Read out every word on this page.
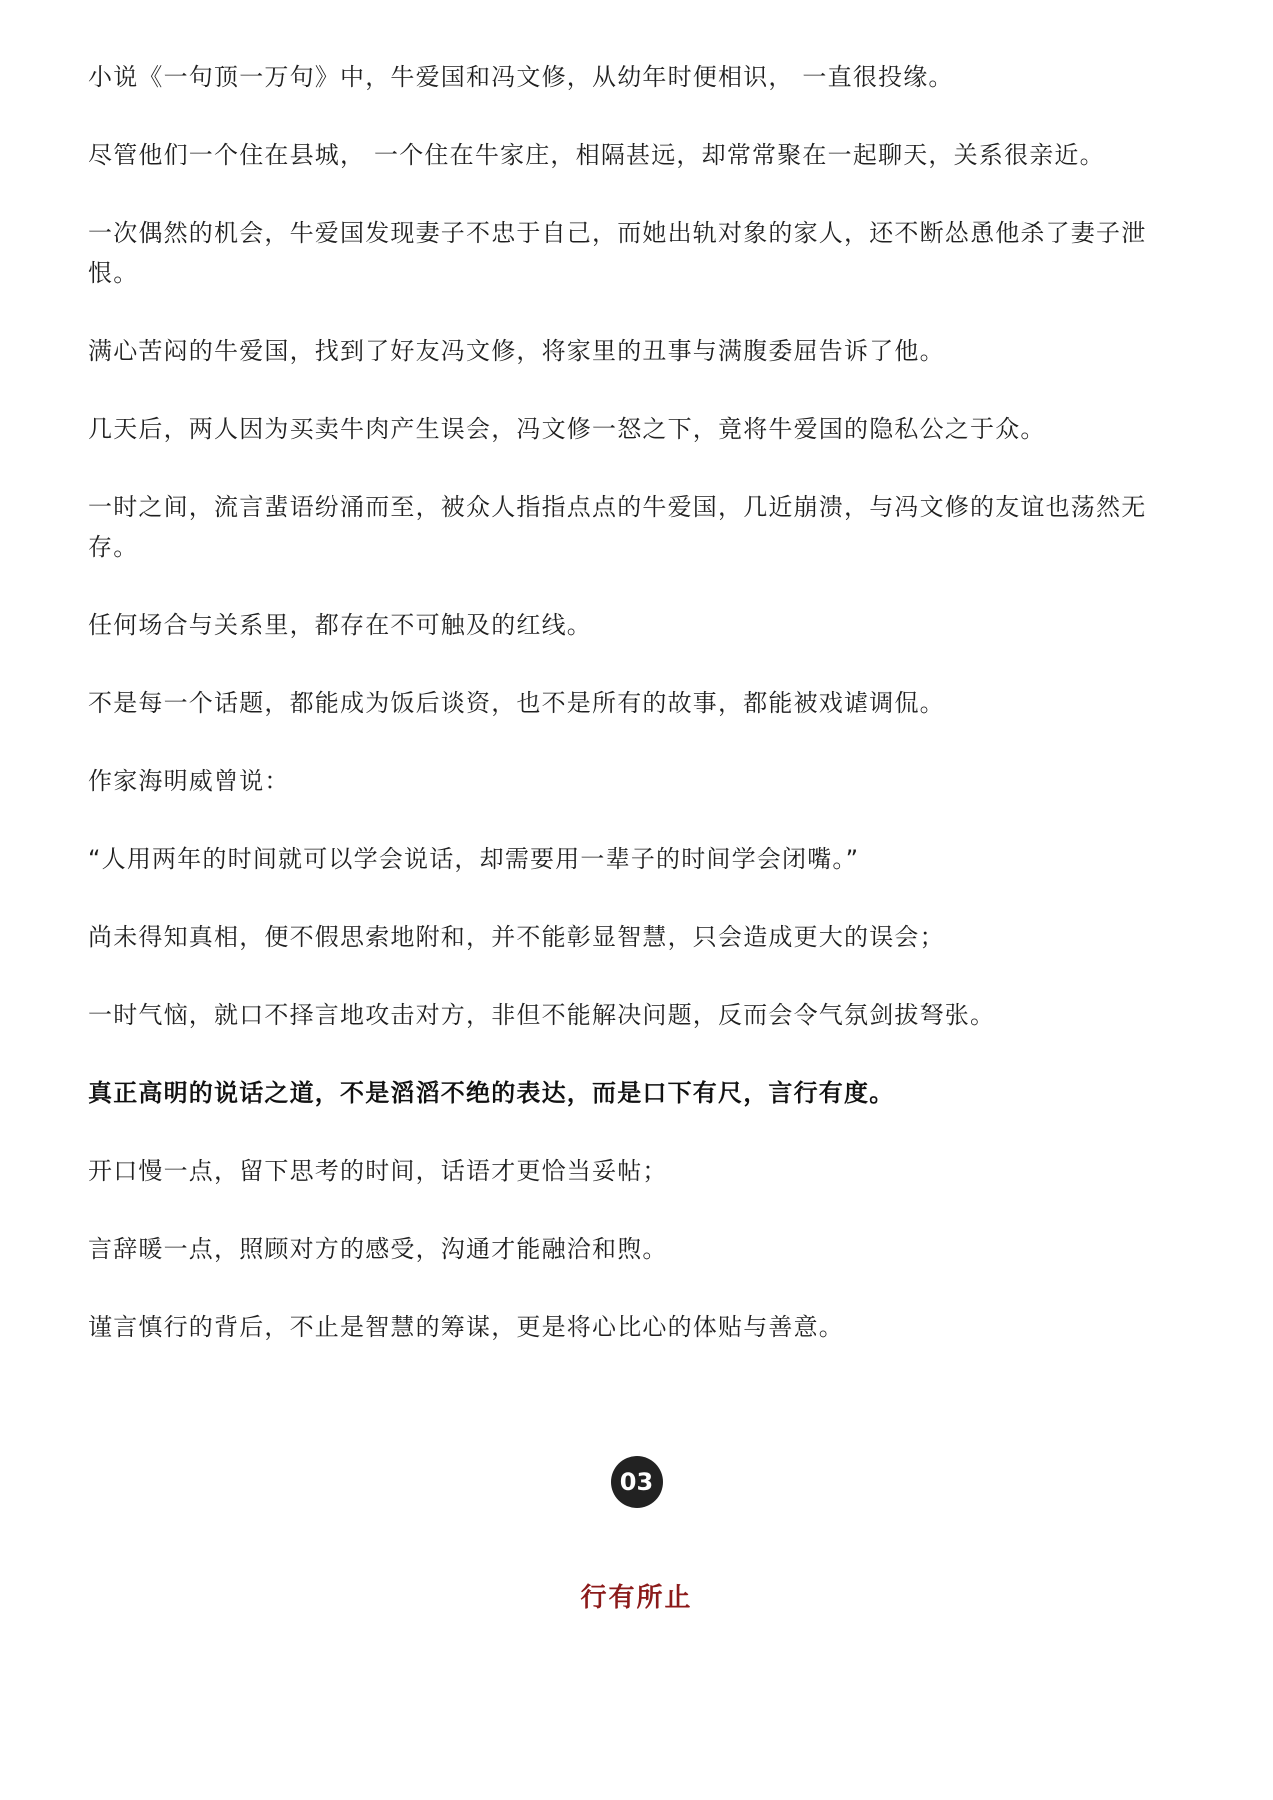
小说《一句顶一万句》中，牛爱国和冯文修，从幼年时便相识， 一直很投缘。

尽管他们一个住在县城， 一个住在牛家庄，相隔甚远，却常常聚在一起聊天，关系很亲近。

一次偶然的机会，牛爱国发现妻子不忠于自己，而她出轨对象的家人，还不断怂恿他杀了妻子泄恨。

满心苦闷的牛爱国，找到了好友冯文修，将家里的丑事与满腹委屈告诉了他。

几天后，两人因为买卖牛肉产生误会，冯文修一怒之下，竟将牛爱国的隐私公之于众。

一时之间，流言蜚语纷涌而至，被众人指指点点的牛爱国，几近崩溃，与冯文修的友谊也荡然无存。

任何场合与关系里，都存在不可触及的红线。

不是每一个话题，都能成为饭后谈资，也不是所有的故事，都能被戏谑调侃。

作家海明威曾说：

“人用两年的时间就可以学会说话，却需要用一辈子的时间学会闭嘴。”

尚未得知真相，便不假思索地附和，并不能彰显智慧，只会造成更大的误会；

一时气恼，就口不择言地攻击对方，非但不能解决问题，反而会令气氛剑拔弩张。

真正高明的说话之道，不是滔滔不绝的表达，而是口下有尺，言行有度。

开口慢一点，留下思考的时间，话语才更恰当妥帖；

言辞暖一点，照顾对方的感受，沟通才能融洽和煦。

谨言慎行的背后，不止是智慧的筹谋，更是将心比心的体贴与善意。

03
行有所止
